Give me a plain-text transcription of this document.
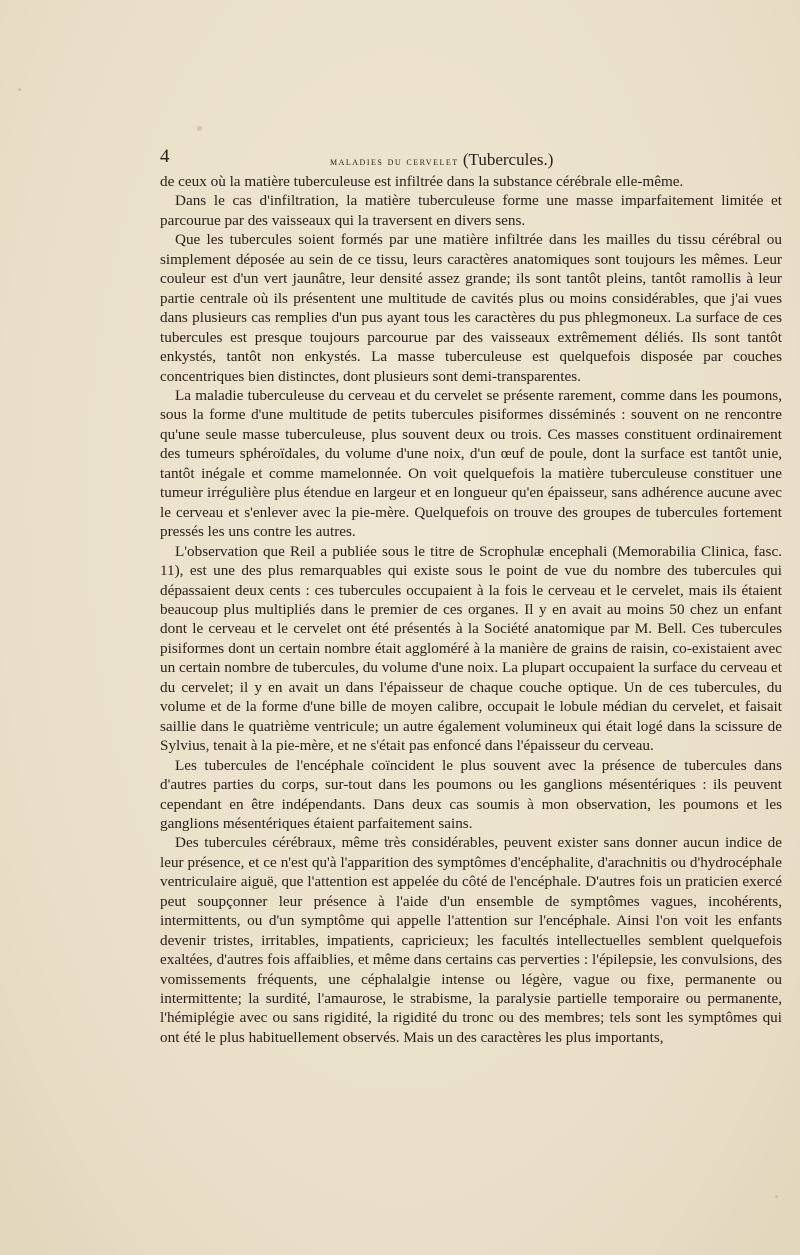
4	maladies du cervelet (Tubercules.)

de ceux où la matière tuberculeuse est infiltrée dans la substance cérébrale elle-même.

Dans le cas d'infiltration, la matière tuberculeuse forme une masse imparfaitement limitée et parcourue par des vaisseaux qui la traversent en divers sens.

Que les tubercules soient formés par une matière infiltrée dans les mailles du tissu cérébral ou simplement déposée au sein de ce tissu, leurs caractères anatomiques sont toujours les mêmes. Leur couleur est d'un vert jaunâtre, leur densité assez grande; ils sont tantôt pleins, tantôt ramollis à leur partie centrale où ils présentent une multitude de cavités plus ou moins considérables, que j'ai vues dans plusieurs cas remplies d'un pus ayant tous les caractères du pus phlegmoneux. La surface de ces tubercules est presque toujours parcourue par des vaisseaux extrêmement déliés. Ils sont tantôt enkystés, tantôt non enkystés. La masse tuberculeuse est quelquefois disposée par couches concentriques bien distinctes, dont plusieurs sont demi-transparentes.

La maladie tuberculeuse du cerveau et du cervelet se présente rarement, comme dans les poumons, sous la forme d'une multitude de petits tubercules pisiformes disséminés : souvent on ne rencontre qu'une seule masse tuberculeuse, plus souvent deux ou trois. Ces masses constituent ordinairement des tumeurs sphéroïdales, du volume d'une noix, d'un œuf de poule, dont la surface est tantôt unie, tantôt inégale et comme mamelonnée. On voit quelquefois la matière tuberculeuse constituer une tumeur irrégulière plus étendue en largeur et en longueur qu'en épaisseur, sans adhérence aucune avec le cerveau et s'enlever avec la pie-mère. Quelquefois on trouve des groupes de tubercules fortement pressés les uns contre les autres.

L'observation que Reil a publiée sous le titre de Scrophulæ encephali (Memorabilia Clinica, fasc. 11), est une des plus remarquables qui existe sous le point de vue du nombre des tubercules qui dépassaient deux cents : ces tubercules occupaient à la fois le cerveau et le cervelet, mais ils étaient beaucoup plus multipliés dans le premier de ces organes. Il y en avait au moins 50 chez un enfant dont le cerveau et le cervelet ont été présentés à la Société anatomique par M. Bell. Ces tubercules pisiformes dont un certain nombre était aggloméré à la manière de grains de raisin, co-existaient avec un certain nombre de tubercules, du volume d'une noix. La plupart occupaient la surface du cerveau et du cervelet; il y en avait un dans l'épaisseur de chaque couche optique. Un de ces tubercules, du volume et de la forme d'une bille de moyen calibre, occupait le lobule médian du cervelet, et faisait saillie dans le quatrième ventricule; un autre également volumineux qui était logé dans la scissure de Sylvius, tenait à la pie-mère, et ne s'était pas enfoncé dans l'épaisseur du cerveau.

Les tubercules de l'encéphale coïncident le plus souvent avec la présence de tubercules dans d'autres parties du corps, sur-tout dans les poumons ou les ganglions mésentériques : ils peuvent cependant en être indépendants. Dans deux cas soumis à mon observation, les poumons et les ganglions mésentériques étaient parfaitement sains.

Des tubercules cérébraux, même très considérables, peuvent exister sans donner aucun indice de leur présence, et ce n'est qu'à l'apparition des symptômes d'encéphalite, d'arachnitis ou d'hydrocéphale ventriculaire aiguë, que l'attention est appelée du côté de l'encéphale. D'autres fois un praticien exercé peut soupçonner leur présence à l'aide d'un ensemble de symptômes vagues, incohérents, intermittents, ou d'un symptôme qui appelle l'attention sur l'encéphale. Ainsi l'on voit les enfants devenir tristes, irritables, impatients, capricieux; les facultés intellectuelles semblent quelquefois exaltées, d'autres fois affaiblies, et même dans certains cas perverties : l'épilepsie, les convulsions, des vomissements fréquents, une céphalalgie intense ou légère, vague ou fixe, permanente ou intermittente; la surdité, l'amaurose, le strabisme, la paralysie partielle temporaire ou permanente, l'hémiplégie avec ou sans rigidité, la rigidité du tronc ou des membres; tels sont les symptômes qui ont été le plus habituellement observés. Mais un des caractères les plus importants,
